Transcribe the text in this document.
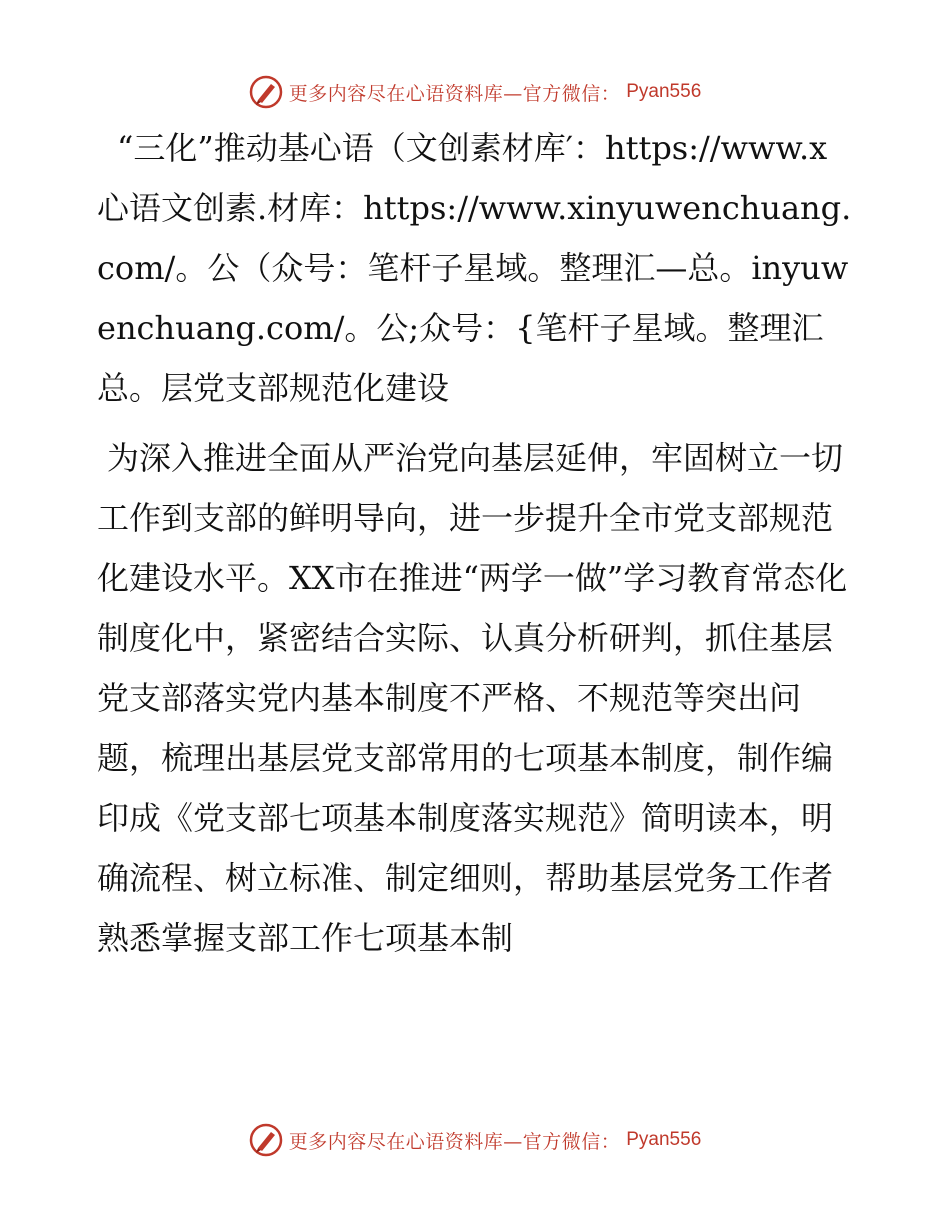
更多内容尽在心语资料库—官方微信： Pyan556

“三化”推动基心语（文创素材库′：https://www.x心语文创素.材库：https://www.xinyuwenchuang.com/。公（众号：笔杆子星域。整理汇—总。inyuwenchuang.com/。公;众号：{笔杆子星域。整理汇总。层党支部规范化建设

为深入推进全面从严治党向基层延伸，牢固树立一切工作到支部的鲜明导向，进一步提升全市党支部规范化建设水平。XX市在推进“两学一做”学习教育常态化制度化中，紧密结合实际、认真分析研判，抓住基层党支部落实党内基本制度不严格、不规范等突出问题，梳理出基层党支部常用的七项基本制度，制作编印成《党支部七项基本制度落实规范》简明读本，明确流程、树立标准、制定细则，帮助基层党务工作者熟悉掌握支部工作七项基本制

更多内容尽在心语资料库—官方微信： Pyan556
